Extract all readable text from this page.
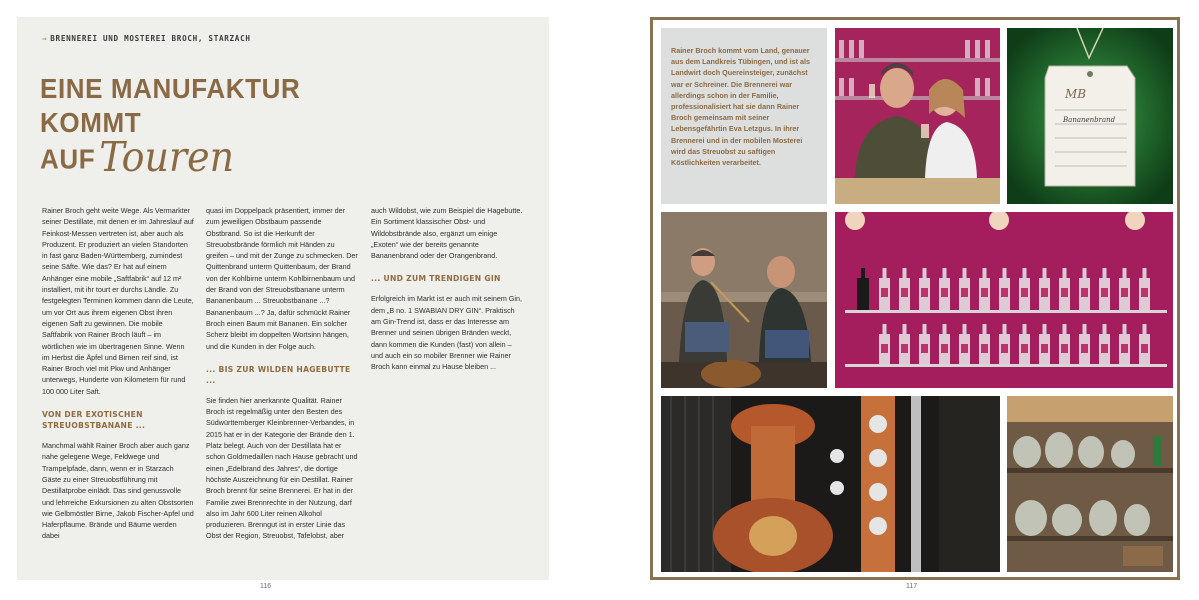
⇒ BRENNEREI UND MOSTEREI BROCH, STARZACH
EINE MANUFAKTUR
KOMMT AUF Touren

Rainer Broch geht weite Wege. Als Vermarkter seiner Destillate, mit denen er im Jahreslauf auf Feinkost-Messen vertreten ist, aber auch als Produzent. Er produziert an vielen Standorten in fast ganz Baden-Württemberg, zumindest seine Säfte. Wie das? Er hat auf einem Anhänger eine mobile „Saftfabrik“ auf 12 m² installiert, mit ihr tourt er durchs Ländle. Zu festgelegten Terminen kommen dann die Leute, um vor Ort aus ihrem eigenen Obst ihren eigenen Saft zu gewinnen. Die mobile Saftfabrik von Rainer Broch läuft – im wörtlichen wie im übertragenen Sinne. Wenn im Herbst die Äpfel und Birnen reif sind, ist Rainer Broch viel mit Pkw und Anhänger unterwegs, Hunderte von Kilometern für rund 100 000 Liter Saft.

VON DER EXOTISCHEN STREUOBSTBANANE ...

Manchmal wählt Rainer Broch aber auch ganz nahe gelegene Wege, Feldwege und Trampelpfade, dann, wenn er in Starzach Gäste zu einer Streuobstführung mit Destillatprobe einlädt. Das sind genussvolle und lehrreiche Exkursionen zu alten Obstsorten wie Gelbmöstler Birne, Jakob Fischer-Apfel und Haferpflaume. Brände und Bäume werden dabei

quasi im Doppelpack präsentiert, immer der zum jeweiligen Obstbaum passende Obstbrand. So ist die Herkunft der Streuobstbrände förmlich mit Händen zu greifen – und mit der Zunge zu schmecken. Der Quittenbrand unterm Quittenbaum, der Brand von der Kohlbirne unterm Kohlbirnenbaum und der Brand von der Streuobstbanane unterm Bananenbaum ... Streuobstbanane ...? Bananenbaum ...? Ja, dafür schmückt Rainer Broch einen Baum mit Bananen. Ein solcher Scherz bleibt im doppelten Wortsinn hängen, und die Kunden in der Folge auch.

... BIS ZUR WILDEN HAGEBUTTE ...

Sie finden hier anerkannte Qualität. Rainer Broch ist regelmäßig unter den Besten des Südwürttemberger Kleinbrenner-Verbandes, in 2015 hat er in der Kategorie der Brände den 1. Platz belegt. Auch von der Destillata hat er schon Goldmedaillen nach Hause gebracht und einen „Edelbrand des Jahres“, die dortige höchste Auszeichnung für ein Destillat. Rainer Broch brennt für seine Brennerei. Er hat in der Familie zwei Brennrechte in der Nutzung, darf also im Jahr 600 Liter reinen Alkohol produzieren. Brenngut ist in erster Linie das Obst der Region, Streuobst, Tafelobst, aber

auch Wildobst, wie zum Beispiel die Hagebutte. Ein Sortiment klassischer Obst- und Wildobstbrände also, ergänzt um einige „Exoten“ wie der bereits genannte Bananenbrand oder der Orangenbrand.

... UND ZUM TRENDIGEN GIN

Erfolgreich im Markt ist er auch mit seinem Gin, dem „B no. 1 SWABIAN DRY GIN“. Praktisch am Gin-Trend ist, dass er das Interesse am Brenner und seinen übrigen Bränden weckt, dann kommen die Kunden (fast) von allein – und auch ein so mobiler Brenner wie Rainer Broch kann einmal zu Hause bleiben ...

116

Rainer Broch kommt vom Land, genauer aus dem Landkreis Tübingen, und ist als Landwirt doch Quereinsteiger, zunächst war er Schreiner. Die Brennerei war allerdings schon in der Familie, professionalisiert hat sie dann Rainer Broch gemeinsam mit seiner Lebensgefährtin Eva Letzgus. In ihrer Brennerei und in der mobilen Mosterei wird das Streuobst zu saftigen Köstlichkeiten verarbeitet.

MB
Bananenbrand
117
